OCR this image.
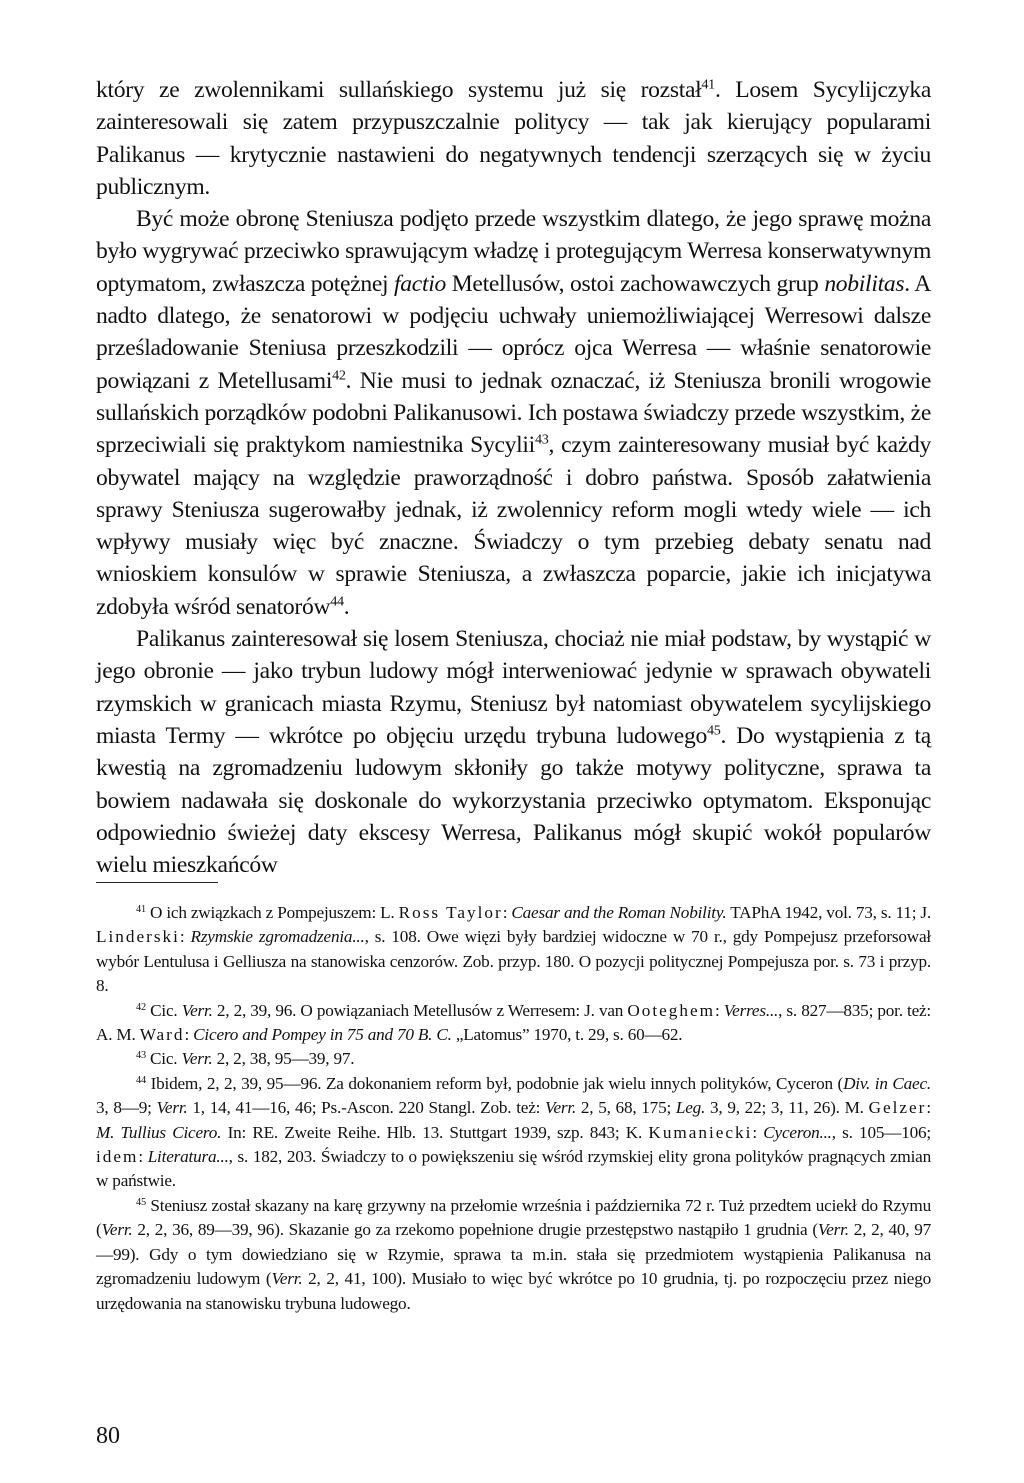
który ze zwolennikami sullańskiego systemu już się rozstał$^{41}$. Losem Sycylijczyka zainteresowali się zatem przypuszczalnie politycy — tak jak kierujący popularami Palikanus — krytycznie nastawieni do negatywnych tendencji szerzących się w życiu publicznym.

Być może obronę Steniusza podjęto przede wszystkim dlatego, że jego sprawę można było wygrywać przeciwko sprawującym władzę i protegującym Werresa konserwatywnym optymatom, zwłaszcza potężnej factio Metellusów, ostoi zachowawczych grup nobilitas. A nadto dlatego, że senatorowi w podjęciu uchwały uniemożliwiającej Werresowi dalsze prześladowanie Steniusa przeszkodzili — oprócz ojca Werresa — właśnie senatorowie powiązani z Metellusami$^{42}$. Nie musi to jednak oznaczać, iż Steniusza bronili wrogowie sullańskich porządków podobni Palikanusowi. Ich postawa świadczy przede wszystkim, że sprzeciwiali się praktykom namiestnika Sycylii$^{43}$, czym zainteresowany musiał być każdy obywatel mający na względzie praworządność i dobro państwa. Sposób załatwienia sprawy Steniusza sugerowałby jednak, iż zwolennicy reform mogli wtedy wiele — ich wpływy musiały więc być znaczne. Świadczy o tym przebieg debaty senatu nad wnioskiem konsulów w sprawie Steniusza, a zwłaszcza poparcie, jakie ich inicjatywa zdobyła wśród senatorów$^{44}$.

Palikanus zainteresował się losem Steniusza, chociaż nie miał podstaw, by wystąpić w jego obronie — jako trybun ludowy mógł interweniować jedynie w sprawach obywateli rzymskich w granicach miasta Rzymu, Steniusz był natomiast obywatelem sycylijskiego miasta Termy — wkrótce po objęciu urzędu trybuna ludowego$^{45}$. Do wystąpienia z tą kwestią na zgromadzeniu ludowym skłoniły go także motywy polityczne, sprawa ta bowiem nadawała się doskonale do wykorzystania przeciwko optymatom. Eksponując odpowiednio świeżej daty ekscesy Werresa, Palikanus mógł skupić wokół popularów wielu mieszkańców

$^{41}$ O ich związkach z Pompejuszem: L. Ross Taylor: Caesar and the Roman Nobility. TAPhA 1942, vol. 73, s. 11; J. Linderski: Rzymskie zgromadzenia..., s. 108. Owe więzi były bardziej widoczne w 70 r., gdy Pompejusz przeforsował wybór Lentulusa i Gelliusza na stanowiska cenzorów. Zob. przyp. 180. O pozycji politycznej Pompejusza por. s. 73 i przyp. 8.

$^{42}$ Cic. Verr. 2, 2, 39, 96. O powiązaniach Metellusów z Werresem: J. van Ooteghem: Verres..., s. 827—835; por. też: A. M. Ward: Cicero and Pompey in 75 and 70 B. C. „Latomus” 1970, t. 29, s. 60—62.

$^{43}$ Cic. Verr. 2, 2, 38, 95—39, 97.

$^{44}$ Ibidem, 2, 2, 39, 95—96. Za dokonaniem reform był, podobnie jak wielu innych polityków, Cyceron (Div. in Caec. 3, 8—9; Verr. 1, 14, 41—16, 46; Ps.-Ascon. 220 Stangl. Zob. też: Verr. 2, 5, 68, 175; Leg. 3, 9, 22; 3, 11, 26). M. Gelzer: M. Tullius Cicero. In: RE. Zweite Reihe. Hlb. 13. Stuttgart 1939, szp. 843; K. Kumaniecki: Cyceron..., s. 105—106; idem: Literatura..., s. 182, 203. Świadczy to o powiększeniu się wśród rzymskiej elity grona polityków pragnących zmian w państwie.

$^{45}$ Steniusz został skazany na karę grzywny na przełomie września i października 72 r. Tuż przedtem uciekł do Rzymu (Verr. 2, 2, 36, 89—39, 96). Skazanie go za rzekomo popełnione drugie przestępstwo nastąpiło 1 grudnia (Verr. 2, 2, 40, 97—99). Gdy o tym dowiedziano się w Rzymie, sprawa ta m.in. stała się przedmiotem wystąpienia Palikanusa na zgromadzeniu ludowym (Verr. 2, 2, 41, 100). Musiało to więc być wkrótce po 10 grudnia, tj. po rozpoczęciu przez niego urzędowania na stanowisku trybuna ludowego.

80
